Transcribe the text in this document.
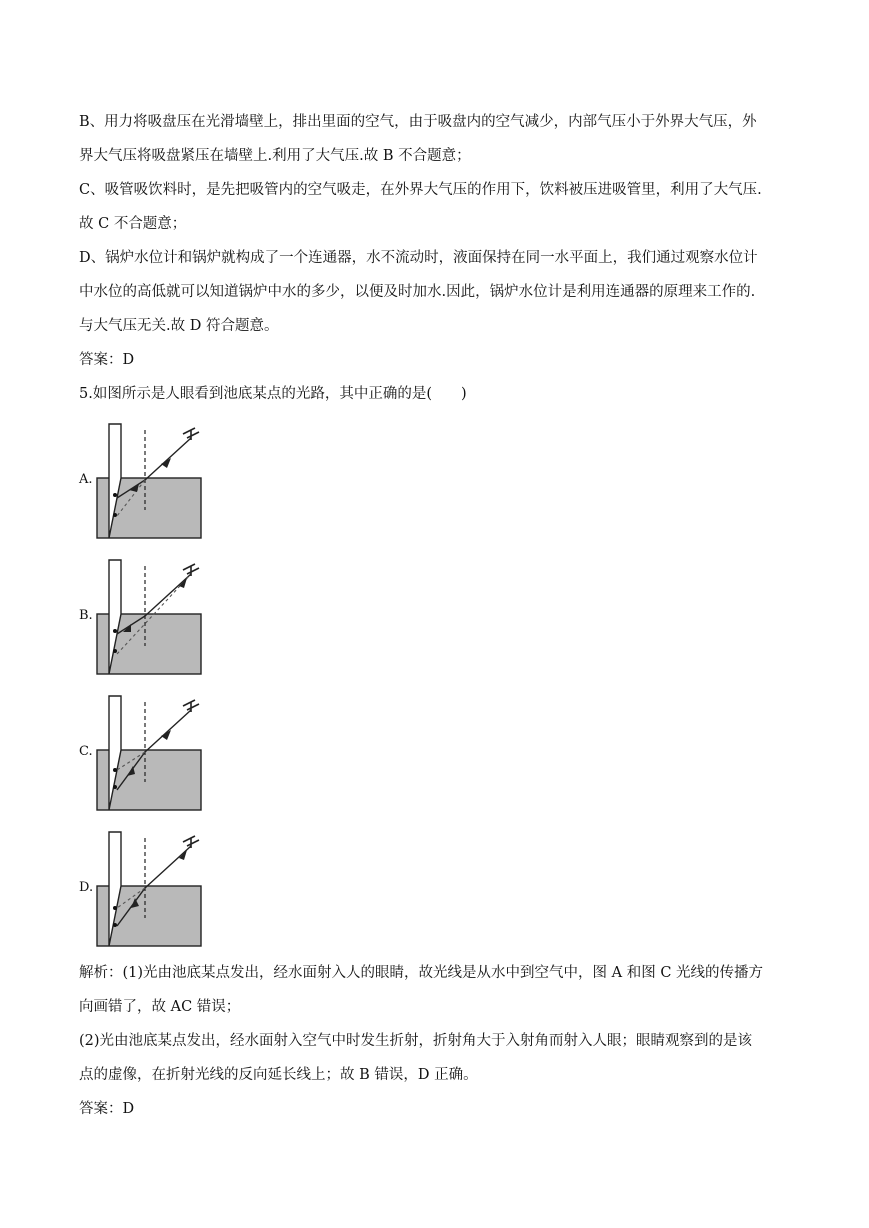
B、用力将吸盘压在光滑墙壁上，排出里面的空气，由于吸盘内的空气减少，内部气压小于外界大气压，外
界大气压将吸盘紧压在墙壁上.利用了大气压.故 B 不合题意；
C、吸管吸饮料时，是先把吸管内的空气吸走，在外界大气压的作用下，饮料被压进吸管里，利用了大气压.
故 C 不合题意；
D、锅炉水位计和锅炉就构成了一个连通器，水不流动时，液面保持在同一水平面上，我们通过观察水位计
中水位的高低就可以知道锅炉中水的多少，以便及时加水.因此，锅炉水位计是利用连通器的原理来工作的.
与大气压无关.故 D 符合题意。
答案：D
5.如图所示是人眼看到池底某点的光路，其中正确的是(　　)
A.
B.
C.
D.
解析：(1)光由池底某点发出，经水面射入人的眼睛，故光线是从水中到空气中，图 A 和图 C 光线的传播方
向画错了，故 AC 错误；
(2)光由池底某点发出，经水面射入空气中时发生折射，折射角大于入射角而射入人眼；眼睛观察到的是该
点的虚像，在折射光线的反向延长线上；故 B 错误，D 正确。
答案：D
